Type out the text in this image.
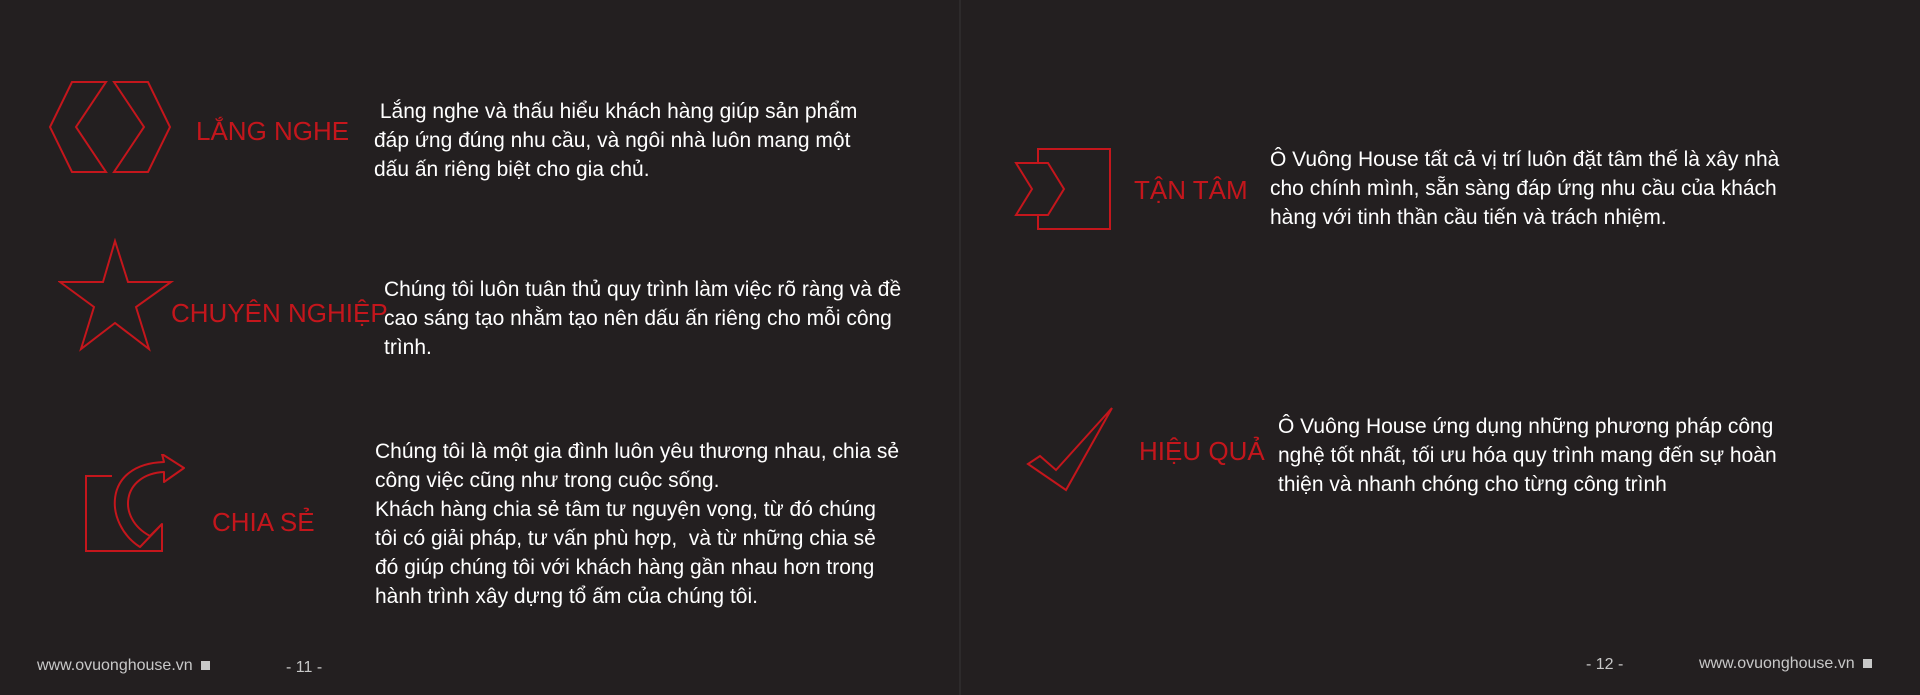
LẮNG NGHE
Lắng nghe và thấu hiểu khách hàng giúp sản phẩm
đáp ứng đúng nhu cầu, và ngôi nhà luôn mang một
dấu ấn riêng biệt cho gia chủ.
CHUYÊN NGHIỆP
Chúng tôi luôn tuân thủ quy trình làm việc rõ ràng và đề
cao sáng tạo nhằm tạo nên dấu ấn riêng cho mỗi công
trình.
CHIA SẺ
Chúng tôi là một gia đình luôn yêu thương nhau, chia sẻ
công việc cũng như trong cuộc sống.
Khách hàng chia sẻ tâm tư nguyện vọng, từ đó chúng
tôi có giải pháp, tư vấn phù hợp,  và từ những chia sẻ
đó giúp chúng tôi với khách hàng gần nhau hơn trong
hành trình xây dựng tổ ấm của chúng tôi.
www.ovuonghouse.vn	- 11 -
TẬN TÂM
Ô Vuông House tất cả vị trí luôn đặt tâm thế là xây nhà
cho chính mình, sẵn sàng đáp ứng nhu cầu của khách
hàng với tinh thần cầu tiến và trách nhiệm.
HIỆU QUẢ
Ô Vuông House ứng dụng những phương pháp công
nghệ tốt nhất, tối ưu hóa quy trình mang đến sự hoàn
thiện và nhanh chóng cho từng công trình
- 12 -	www.ovuonghouse.vn
